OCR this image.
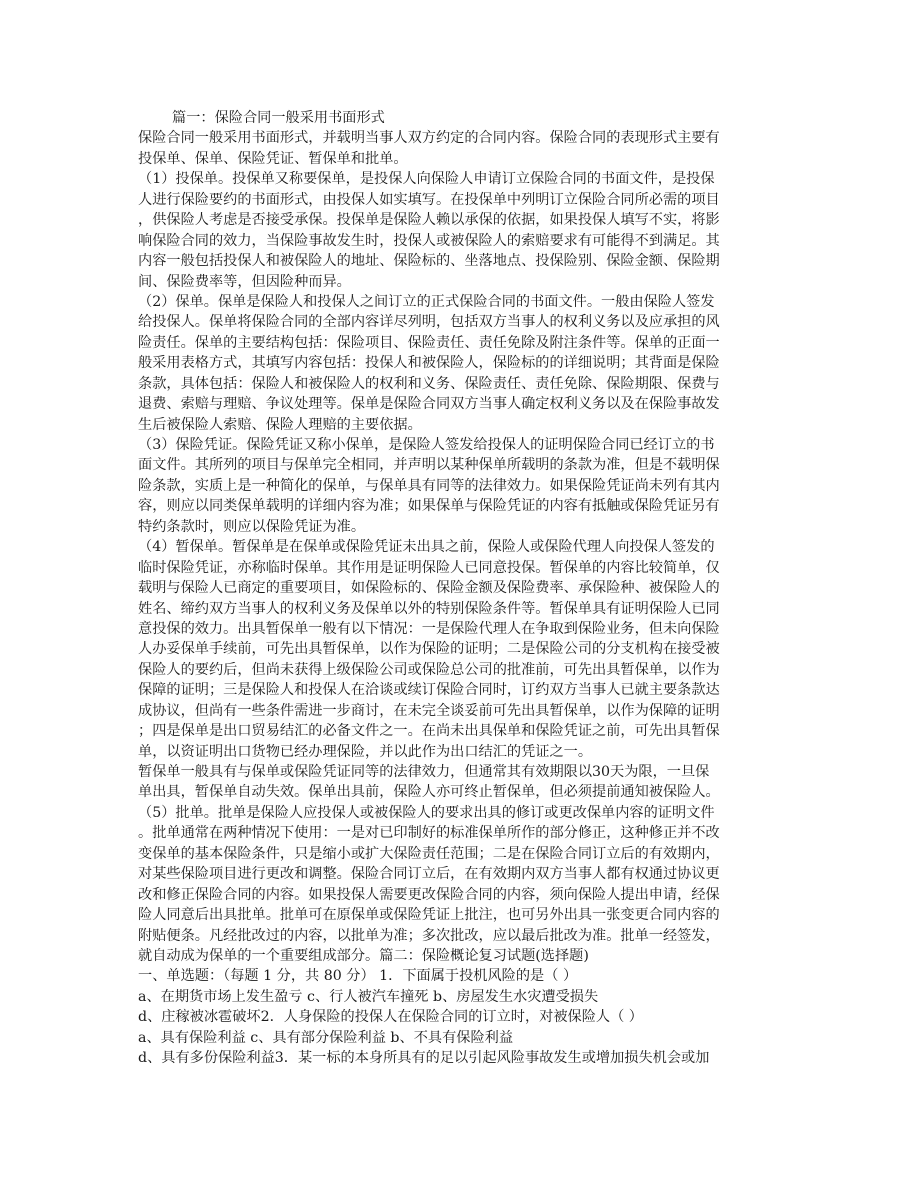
篇一：保险合同一般采用书面形式
保险合同一般采用书面形式，并载明当事人双方约定的合同内容。保险合同的表现形式主要有
投保单、保单、保险凭证、暂保单和批单。
（1）投保单。投保单又称要保单，是投保人向保险人申请订立保险合同的书面文件，是投保
人进行保险要约的书面形式，由投保人如实填写。在投保单中列明订立保险合同所必需的项目
，供保险人考虑是否接受承保。投保单是保险人赖以承保的依据，如果投保人填写不实，将影
响保险合同的效力，当保险事故发生时，投保人或被保险人的索赔要求有可能得不到满足。其
内容一般包括投保人和被保险人的地址、保险标的、坐落地点、投保险别、保险金额、保险期
间、保险费率等，但因险种而异。
（2）保单。保单是保险人和投保人之间订立的正式保险合同的书面文件。一般由保险人签发
给投保人。保单将保险合同的全部内容详尽列明，包括双方当事人的权利义务以及应承担的风
险责任。保单的主要结构包括：保险项目、保险责任、责任免除及附注条件等。保单的正面一
般采用表格方式，其填写内容包括：投保人和被保险人，保险标的的详细说明；其背面是保险
条款，具体包括：保险人和被保险人的权利和义务、保险责任、责任免除、保险期限、保费与
退费、索赔与理赔、争议处理等。保单是保险合同双方当事人确定权利义务以及在保险事故发
生后被保险人索赔、保险人理赔的主要依据。
（3）保险凭证。保险凭证又称小保单，是保险人签发给投保人的证明保险合同已经订立的书
面文件。其所列的项目与保单完全相同，并声明以某种保单所载明的条款为准，但是不载明保
险条款，实质上是一种简化的保单，与保单具有同等的法律效力。如果保险凭证尚未列有其内
容，则应以同类保单载明的详细内容为准；如果保单与保险凭证的内容有抵触或保险凭证另有
特约条款时，则应以保险凭证为准。
（4）暂保单。暂保单是在保单或保险凭证未出具之前，保险人或保险代理人向投保人签发的
临时保险凭证，亦称临时保单。其作用是证明保险人已同意投保。暂保单的内容比较简单，仅
载明与保险人已商定的重要项目，如保险标的、保险金额及保险费率、承保险种、被保险人的
姓名、缔约双方当事人的权利义务及保单以外的特别保险条件等。暂保单具有证明保险人已同
意投保的效力。出具暂保单一般有以下情况：一是保险代理人在争取到保险业务，但未向保险
人办妥保单手续前，可先出具暂保单，以作为保险的证明；二是保险公司的分支机构在接受被
保险人的要约后，但尚未获得上级保险公司或保险总公司的批准前，可先出具暂保单，以作为
保障的证明；三是保险人和投保人在洽谈或续订保险合同时，订约双方当事人已就主要条款达
成协议，但尚有一些条件需进一步商讨，在未完全谈妥前可先出具暂保单，以作为保障的证明
；四是保单是出口贸易结汇的必备文件之一。在尚未出具保单和保险凭证之前，可先出具暂保
单，以资证明出口货物已经办理保险，并以此作为出口结汇的凭证之一。
暂保单一般具有与保单或保险凭证同等的法律效力，但通常其有效期限以30天为限，一旦保
单出具，暂保单自动失效。保单出具前，保险人亦可终止暂保单，但必须提前通知被保险人。
（5）批单。批单是保险人应投保人或被保险人的要求出具的修订或更改保单内容的证明文件
。批单通常在两种情况下使用：一是对已印制好的标准保单所作的部分修正，这种修正并不改
变保单的基本保险条件，只是缩小或扩大保险责任范围；二是在保险合同订立后的有效期内，
对某些保险项目进行更改和调整。保险合同订立后，在有效期内双方当事人都有权通过协议更
改和修正保险合同的内容。如果投保人需要更改保险合同的内容，须向保险人提出申请，经保
险人同意后出具批单。批单可在原保单或保险凭证上批注，也可另外出具一张变更合同内容的
附贴便条。凡经批改过的内容，以批单为准；多次批改，应以最后批改为准。批单一经签发，
就自动成为保单的一个重要组成部分。篇二：保险概论复习试题(选择题)
一、单选题：（每题 1 分，共 80 分） 1．下面属于投机风险的是（ ）
a、在期货市场上发生盈亏 c、行人被汽车撞死 b、房屋发生水灾遭受损失
d、庄稼被冰雹破坏2．人身保险的投保人在保险合同的订立时，对被保险人（ ）
a、具有保险利益 c、具有部分保险利益 b、不具有保险利益
d、具有多份保险利益3．某一标的本身所具有的足以引起风险事故发生或增加损失机会或加
